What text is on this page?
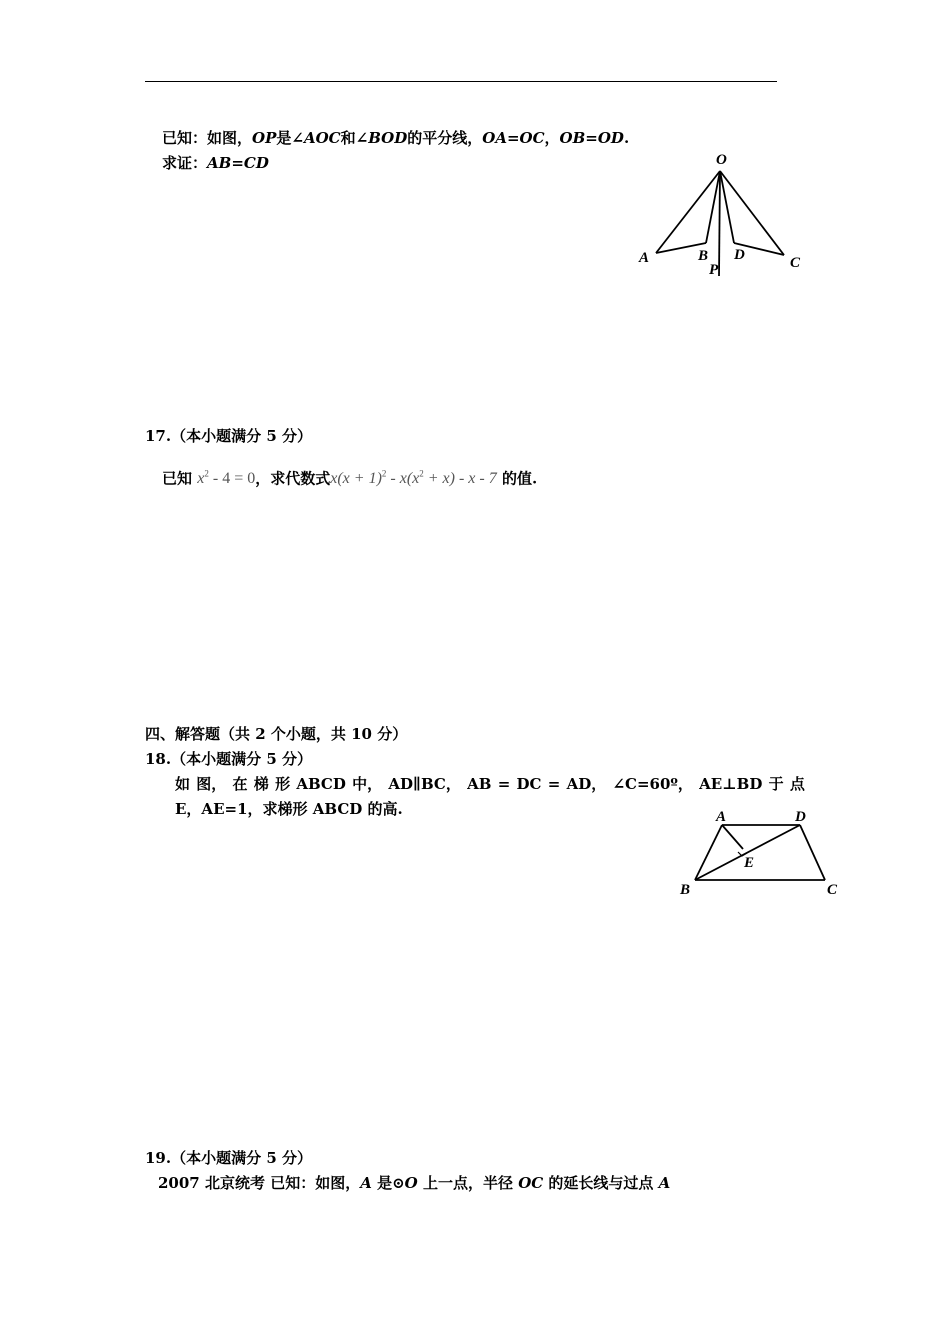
已知：如图，OP是∠AOC和∠BOD的平分线，OA=OC，OB=OD.
求证：AB=CD	O
A	B
P
D	C
17.（本小题满分 5 分）
已知 $x^2 - 4 = 0$，求代数式$x(x + 1)^2 - x(x^2 + x) - x - 7$ 的值.
四、解答题（共 2 个小题，共 10 分）
18.（本小题满分 5 分）
如 图， 在 梯 形 ABCD 中， AD∥BC， AB = DC = AD， ∠C=60º， AE⊥BD 于 点
E，AE=1，求梯形 ABCD 的高.	A	D
E
B	C
19.（本小题满分 5 分）
2007 北京统考 已知：如图，A 是⊙O 上一点，半径 OC 的延长线与过点 A
